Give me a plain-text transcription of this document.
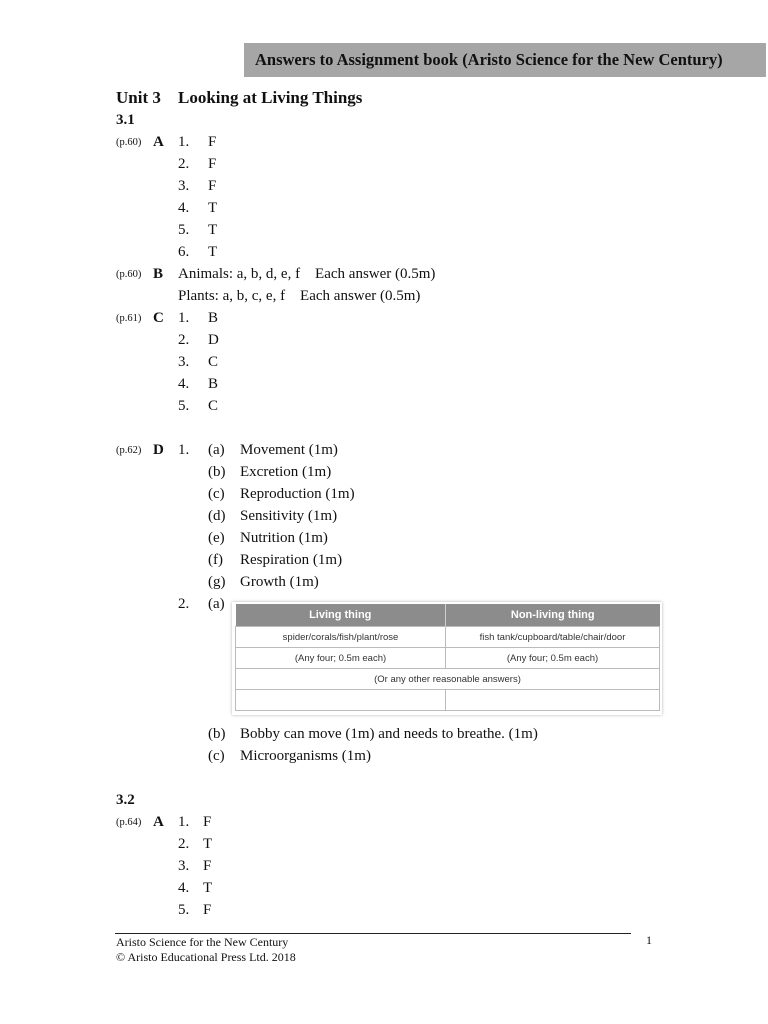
Answers to Assignment book (Aristo Science for the New Century)
Unit 3 Looking at Living Things
3.1
(p.60) A 1. F
2. F
3. F
4. T
5. T
6. T
(p.60) B Animals: a, b, d, e, f    Each answer (0.5m)
Plants: a, b, c, e, f    Each answer (0.5m)
(p.61) C 1. B
2. D
3. C
4. B
5. C
(p.62) D 1. (a) Movement (1m)
(b) Excretion (1m)
(c) Reproduction (1m)
(d) Sensitivity (1m)
(e) Nutrition (1m)
(f) Respiration (1m)
(g) Growth (1m)
2. (a)
Living thing	Non-living thing
spider/corals/fish/plant/rose	fish tank/cupboard/table/chair/door
(Any four; 0.5m each)	(Any four; 0.5m each)
(Or any other reasonable answers)	

(b) Bobby can move (1m) and needs to breathe. (1m)
(c) Microorganisms (1m)
3.2
(p.64) A 1. F
2. T
3. F
4. T
5. F
Aristo Science for the New Century
© Aristo Educational Press Ltd. 2018
1
